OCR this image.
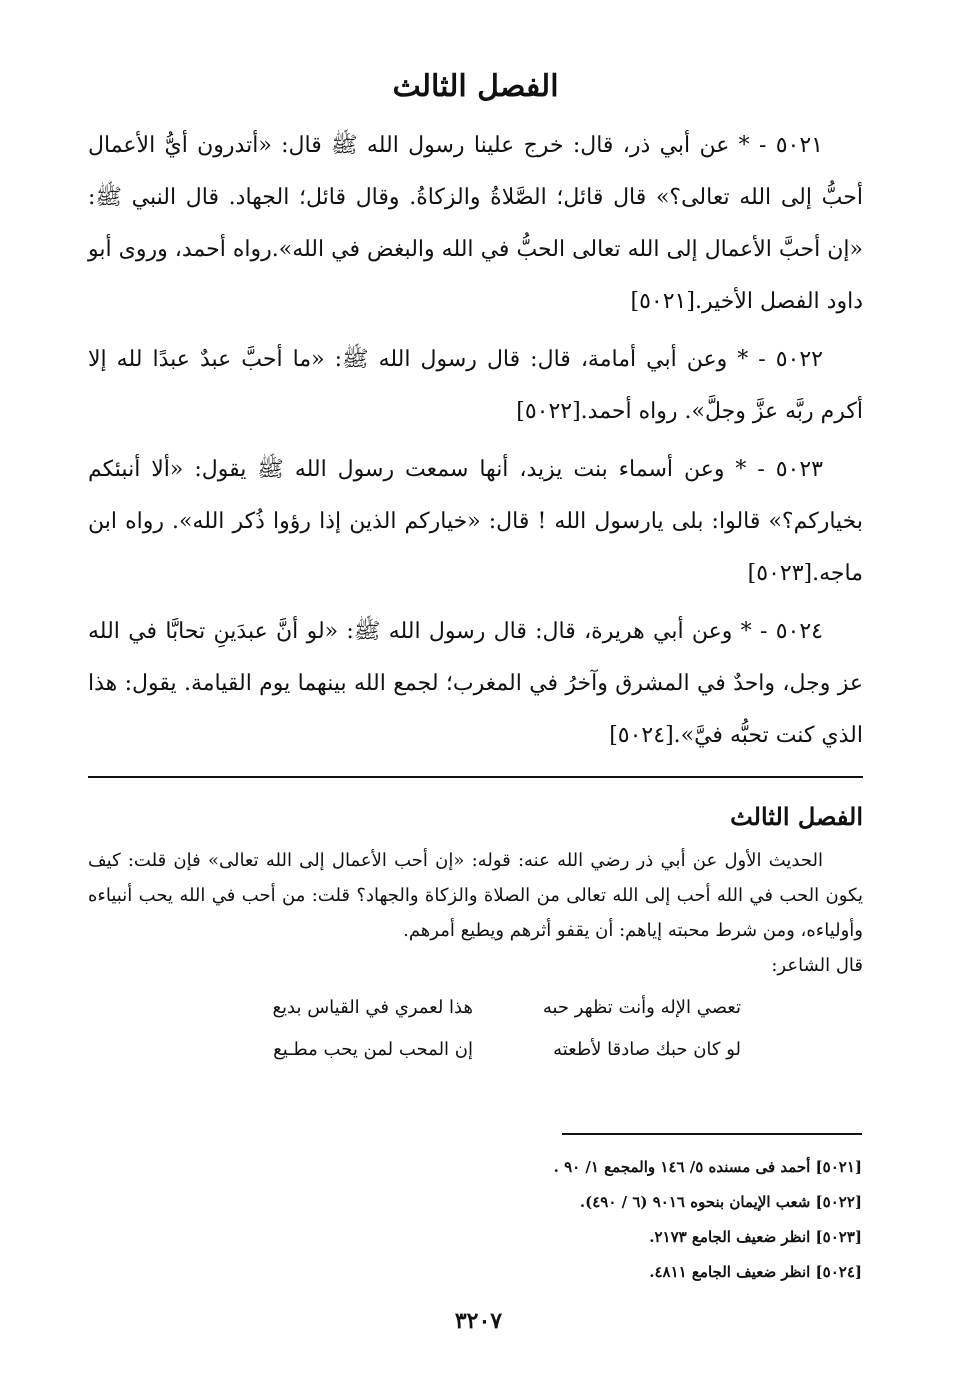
الفصل الثالث

٥٠٢١ - * عن أبي ذر، قال: خرج علينا رسول الله ﷺ قال: «أتدرون أيُّ الأعمال أحبُّ إلى الله تعالى؟» قال قائل؛ الصَّلاةُ والزكاةُ. وقال قائل؛ الجهاد. قال النبي ﷺ: «إن أحبَّ الأعمال إلى الله تعالى الحبُّ في الله والبغض في الله».رواه أحمد، وروى أبو داود الفصل الأخير.[٥٠٢١]

٥٠٢٢ - * وعن أبي أمامة، قال: قال رسول الله ﷺ: «ما أحبَّ عبدٌ عبدًا لله إلا أكرم ربَّه عزَّ وجلَّ». رواه أحمد.[٥٠٢٢]

٥٠٢٣ - * وعن أسماء بنت يزيد، أنها سمعت رسول الله ﷺ يقول: «ألا أنبئكم بخياركم؟» قالوا: بلى يارسول الله ! قال: «خياركم الذين إذا رؤوا ذُكر الله». رواه ابن ماجه.[٥٠٢٣]

٥٠٢٤ - * وعن أبي هريرة، قال: قال رسول الله ﷺ: «لو أنَّ عبدَينِ تحابَّا في الله عز وجل، واحدٌ في المشرق وآخرُ في المغرب؛ لجمع الله بينهما يوم القيامة. يقول: هذا الذي كنت تحبُّه فيَّ».[٥٠٢٤]

الفصل الثالث

الحديث الأول عن أبي ذر رضي الله عنه: قوله: «إن أحب الأعمال إلى الله تعالى» فإن قلت: كيف يكون الحب في الله أحب إلى الله تعالى من الصلاة والزكاة والجهاد؟ قلت: من أحب في الله يحب أنبياءه وأولياءه، ومن شرط محبته إياهم: أن يقفو أثرهم ويطيع أمرهم.

قال الشاعر:

تعصي الإله وأنت تظهر حبه
هذا لعمري في القياس بديع
لو كان حبك صادقا لأطعته
إن المحب لمن يحب مطـيع

[٥٠٢١] أحمد فى مسنده ٥/ ١٤٦ والمجمع ١/ ٩٠ .

[٥٠٢٢] شعب الإيمان بنحوه ٩٠١٦ (٦ / ٤٩٠).

[٥٠٢٣] انظر ضعيف الجامع ٢١٧٣.

[٥٠٢٤] انظر ضعيف الجامع ٤٨١١.

٣٢٠٧
